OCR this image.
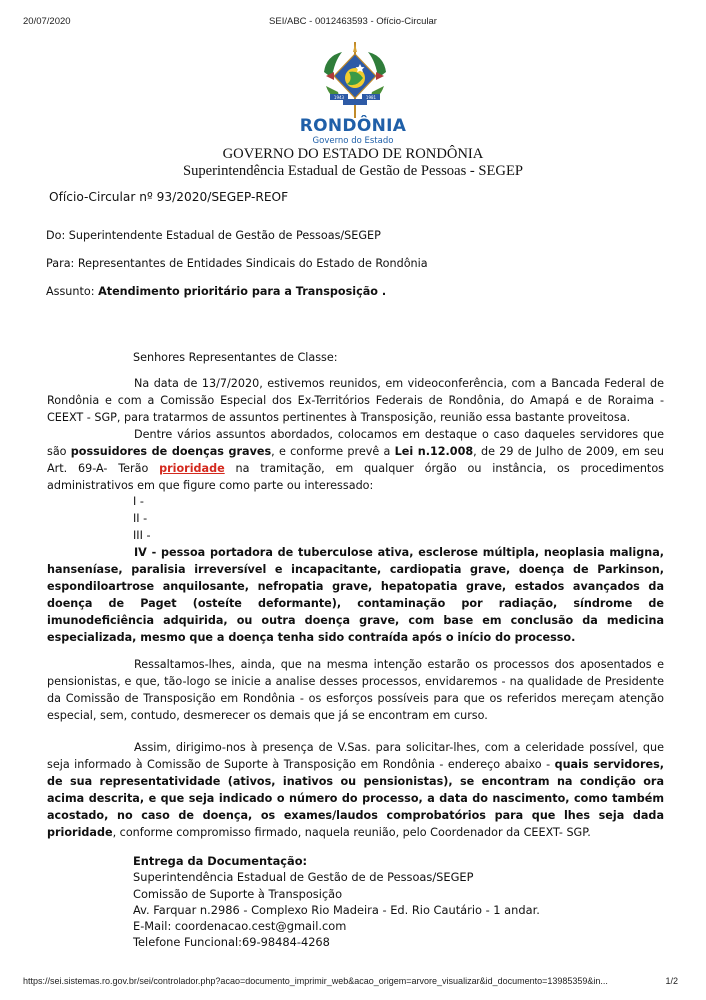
20/07/2020	SEI/ABC - 0012463593 - Ofício-Circular
1943	1981
RONDÔNIA
Governo do Estado
GOVERNO DO ESTADO DE RONDÔNIA
Superintendência Estadual de Gestão de Pessoas - SEGEP
Ofício-Circular nº 93/2020/SEGEP-REOF
Do: Superintendente Estadual de Gestão de Pessoas/SEGEP
Para: Representantes de Entidades Sindicais do Estado de Rondônia
Assunto: Atendimento prioritário para a Transposição .
Senhores Representantes de Classe:

Na data de 13/7/2020, estivemos reunidos, em videoconferência, com a Bancada Federal de Rondônia e com a Comissão Especial dos Ex-Territórios Federais de Rondônia, do Amapá e de Roraima - CEEXT - SGP, para tratarmos de assuntos pertinentes à Transposição, reunião essa bastante proveitosa.

Dentre vários assuntos abordados, colocamos em destaque o caso daqueles servidores que são possuidores de doenças graves, e conforme prevê a Lei n.12.008, de 29 de Julho de 2009, em seu Art. 69-A- Terão prioridade na tramitação, em qualquer órgão ou instância, os procedimentos administrativos em que figure como parte ou interessado:

I -
II -
III -

IV - pessoa portadora de tuberculose ativa, esclerose múltipla, neoplasia maligna, hanseníase, paralisia irreversível e incapacitante, cardiopatia grave, doença de Parkinson, espondiloartrose anquilosante, nefropatia grave, hepatopatia grave, estados avançados da doença de Paget (osteíte deformante), contaminação por radiação, síndrome de imunodeficiência adquirida, ou outra doença grave, com base em conclusão da medicina especializada, mesmo que a doença tenha sido contraída após o início do processo.

Ressaltamos-lhes, ainda, que na mesma intenção estarão os processos dos aposentados e pensionistas, e que, tão-logo se inicie a analise desses processos, envidaremos - na qualidade de Presidente da Comissão de Transposição em Rondônia - os esforços possíveis para que os referidos mereçam atenção especial, sem, contudo, desmerecer os demais que já se encontram em curso.

Assim, dirigimo-nos à presença de V.Sas. para solicitar-lhes, com a celeridade possível, que seja informado à Comissão de Suporte à Transposição em Rondônia - endereço abaixo - quais servidores, de sua representatividade (ativos, inativos ou pensionistas), se encontram na condição ora acima descrita, e que seja indicado o número do processo, a data do nascimento, como também acostado, no caso de doença, os exames/laudos comprobatórios para que lhes seja dada prioridade, conforme compromisso firmado, naquela reunião, pelo Coordenador da CEEXT- SGP.

Entrega da Documentação:
Superintendência Estadual de Gestão de de Pessoas/SEGEP
Comissão de Suporte à Transposição
Av. Farquar n.2986 - Complexo Rio Madeira - Ed. Rio Cautário - 1 andar.
E-Mail: coordenacao.cest@gmail.com
Telefone Funcional:69-98484-4268
https://sei.sistemas.ro.gov.br/sei/controlador.php?acao=documento_imprimir_web&acao_origem=arvore_visualizar&id_documento=13985359&in...	1/2
